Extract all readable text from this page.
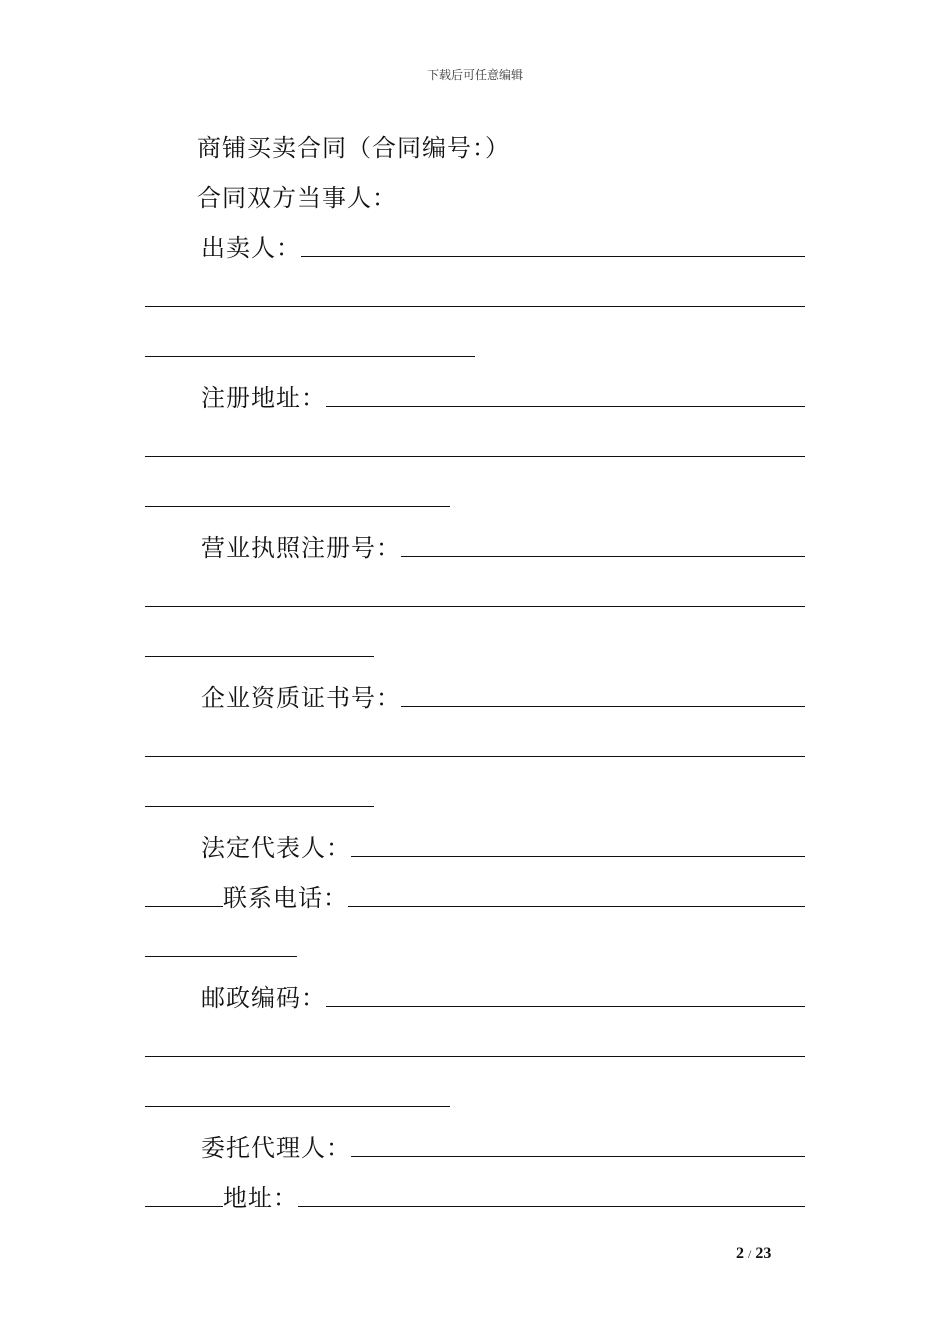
下载后可任意编辑
商铺买卖合同（合同编号：）
合同双方当事人：
出卖人：
注册地址：
营业执照注册号：
企业资质证书号：
法定代表人：
联系电话：
邮政编码：
委托代理人：
地址：
2 / 23
